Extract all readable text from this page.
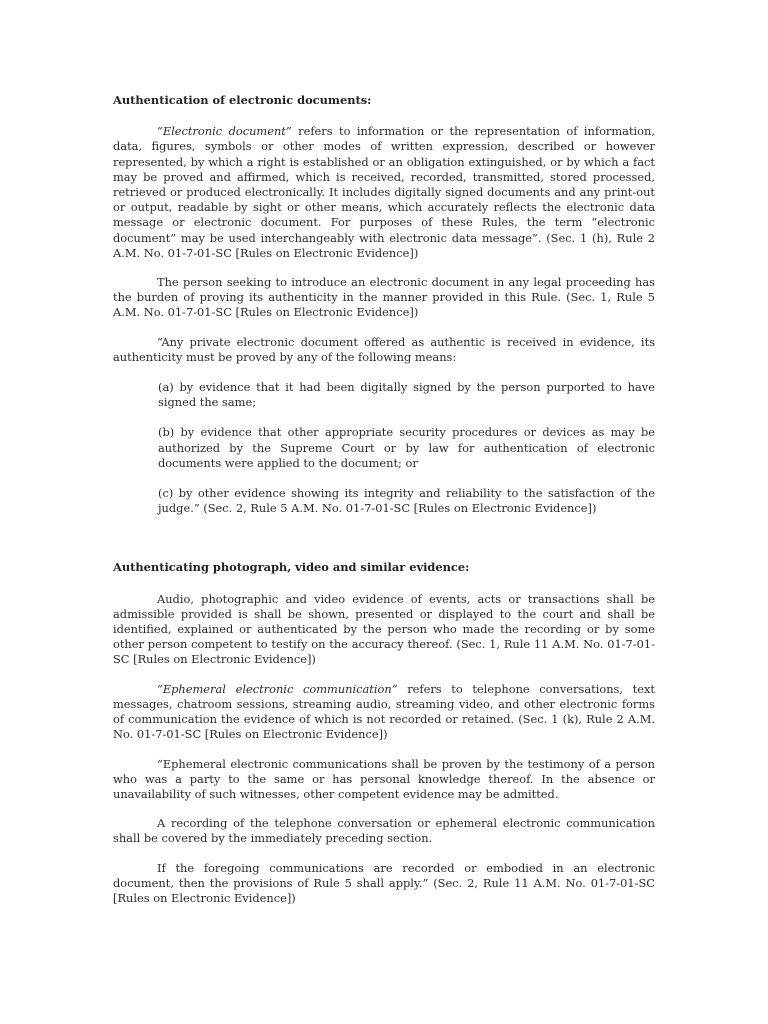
Authentication of electronic documents:

“Electronic document” refers to information or the representation of information, data, figures, symbols or other modes of written expression, described or however represented, by which a right is established or an obligation extinguished, or by which a fact may be proved and affirmed, which is received, recorded, transmitted, stored processed, retrieved or produced electronically. It includes digitally signed documents and any print-out or output, readable by sight or other means, which accurately reflects the electronic data message or electronic document. For purposes of these Rules, the term “electronic document” may be used interchangeably with electronic data message”. (Sec. 1 (h), Rule 2 A.M. No. 01-7-01-SC [Rules on Electronic Evidence])

The person seeking to introduce an electronic document in any legal proceeding has the burden of proving its authenticity in the manner provided in this Rule. (Sec. 1, Rule 5 A.M. No. 01-7-01-SC [Rules on Electronic Evidence])

“Any private electronic document offered as authentic is received in evidence, its authenticity must be proved by any of the following means:

(a) by evidence that it had been digitally signed by the person purported to have signed the same;

(b) by evidence that other appropriate security procedures or devices as may be authorized by the Supreme Court or by law for authentication of electronic documents were applied to the document; or

(c) by other evidence showing its integrity and reliability to the satisfaction of the judge.” (Sec. 2, Rule 5 A.M. No. 01-7-01-SC [Rules on Electronic Evidence])

Authenticating photograph, video and similar evidence:

Audio, photographic and video evidence of events, acts or transactions shall be admissible provided is shall be shown, presented or displayed to the court and shall be identified, explained or authenticated by the person who made the recording or by some other person competent to testify on the accuracy thereof. (Sec. 1, Rule 11 A.M. No. 01-7-01-SC [Rules on Electronic Evidence])

“Ephemeral electronic communication” refers to telephone conversations, text messages, chatroom sessions, streaming audio, streaming video, and other electronic forms of communication the evidence of which is not recorded or retained. (Sec. 1 (k), Rule 2 A.M. No. 01-7-01-SC [Rules on Electronic Evidence])

“Ephemeral electronic communications shall be proven by the testimony of a person who was a party to the same or has personal knowledge thereof. In the absence or unavailability of such witnesses, other competent evidence may be admitted.

A recording of the telephone conversation or ephemeral electronic communication shall be covered by the immediately preceding section.

If the foregoing communications are recorded or embodied in an electronic document, then the provisions of Rule 5 shall apply.” (Sec. 2, Rule 11 A.M. No. 01-7-01-SC [Rules on Electronic Evidence])
